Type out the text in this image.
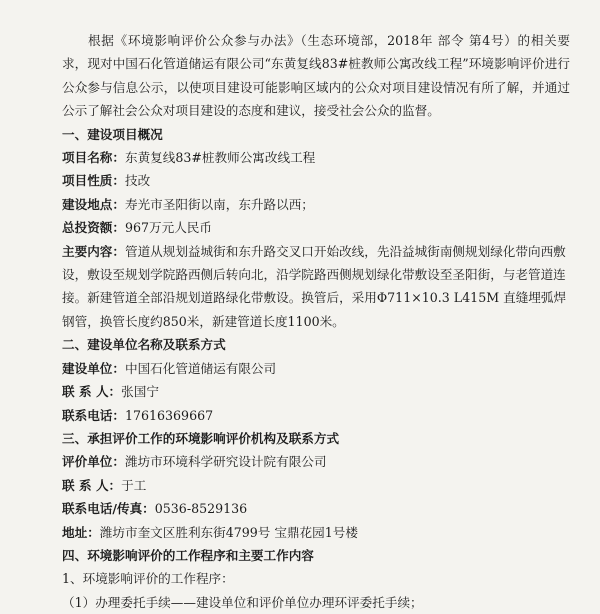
根据《环境影响评价公众参与办法》（生态环境部，2018年 部令 第4号）的相关要求，现对中国石化管道储运有限公司“东黄复线83#桩教师公寓改线工程”环境影响评价进行公众参与信息公示，以使项目建设可能影响区域内的公众对项目建设情况有所了解，并通过公示了解社会公众对项目建设的态度和建议，接受社会公众的监督。

一、建设项目概况

项目名称：东黄复线83#桩教师公寓改线工程

项目性质：技改

建设地点：寿光市圣阳街以南，东升路以西；

总投资额：967万元人民币

主要内容：管道从规划益城街和东升路交叉口开始改线，先沿益城街南侧规划绿化带向西敷设，敷设至规划学院路西侧后转向北，沿学院路西侧规划绿化带敷设至圣阳街，与老管道连接。新建管道全部沿规划道路绿化带敷设。换管后，采用Φ711×10.3 L415M 直缝埋弧焊钢管，换管长度约850米，新建管道长度1100米。

二、建设单位名称及联系方式

建设单位：中国石化管道储运有限公司

联 系 人：张国宁

联系电话：17616369667

三、承担评价工作的环境影响评价机构及联系方式

评价单位：潍坊市环境科学研究设计院有限公司

联 系 人：于工

联系电话/传真：0536-8529136

地址：潍坊市奎文区胜利东街4799号 宝鼎花园1号楼

四、环境影响评价的工作程序和主要工作内容

1、环境影响评价的工作程序：

（1）办理委托手续——建设单位和评价单位办理环评委托手续；
